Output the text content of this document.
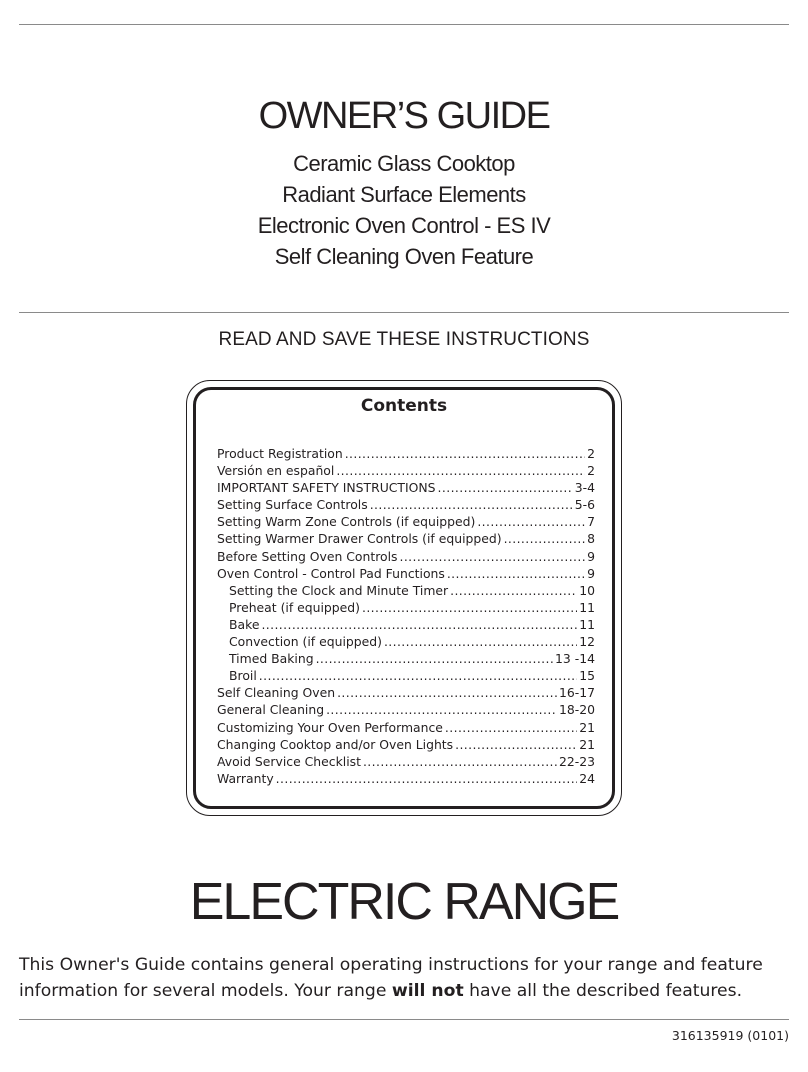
OWNER’S GUIDE
Ceramic Glass Cooktop
Radiant Surface Elements
Electronic Oven Control - ES IV
Self Cleaning Oven Feature
READ AND SAVE THESE INSTRUCTIONS
Contents
Product Registration .....	2
Versión en español .....	2
IMPORTANT SAFETY INSTRUCTIONS .....	3-4
Setting Surface Controls .....	5-6
Setting Warm Zone Controls (if equipped) .....	7
Setting Warmer Drawer Controls (if equipped) .....	8
Before Setting Oven Controls .....	9
Oven Control - Control Pad Functions .....	9
Setting the Clock and Minute Timer .....	10
Preheat (if equipped) .....	11
Bake .....	11
Convection (if equipped) .....	12
Timed Baking .....	13 -14
Broil .....	15
Self Cleaning Oven .....	16-17
General Cleaning .....	18-20
Customizing Your Oven Performance .....	21
Changing Cooktop and/or Oven Lights .....	21
Avoid Service Checklist .....	22-23
Warranty .....	24
ELECTRIC RANGE
This Owner's Guide contains general operating instructions for your range and feature information for several models. Your range will not have all the described features.
316135919 (0101)
